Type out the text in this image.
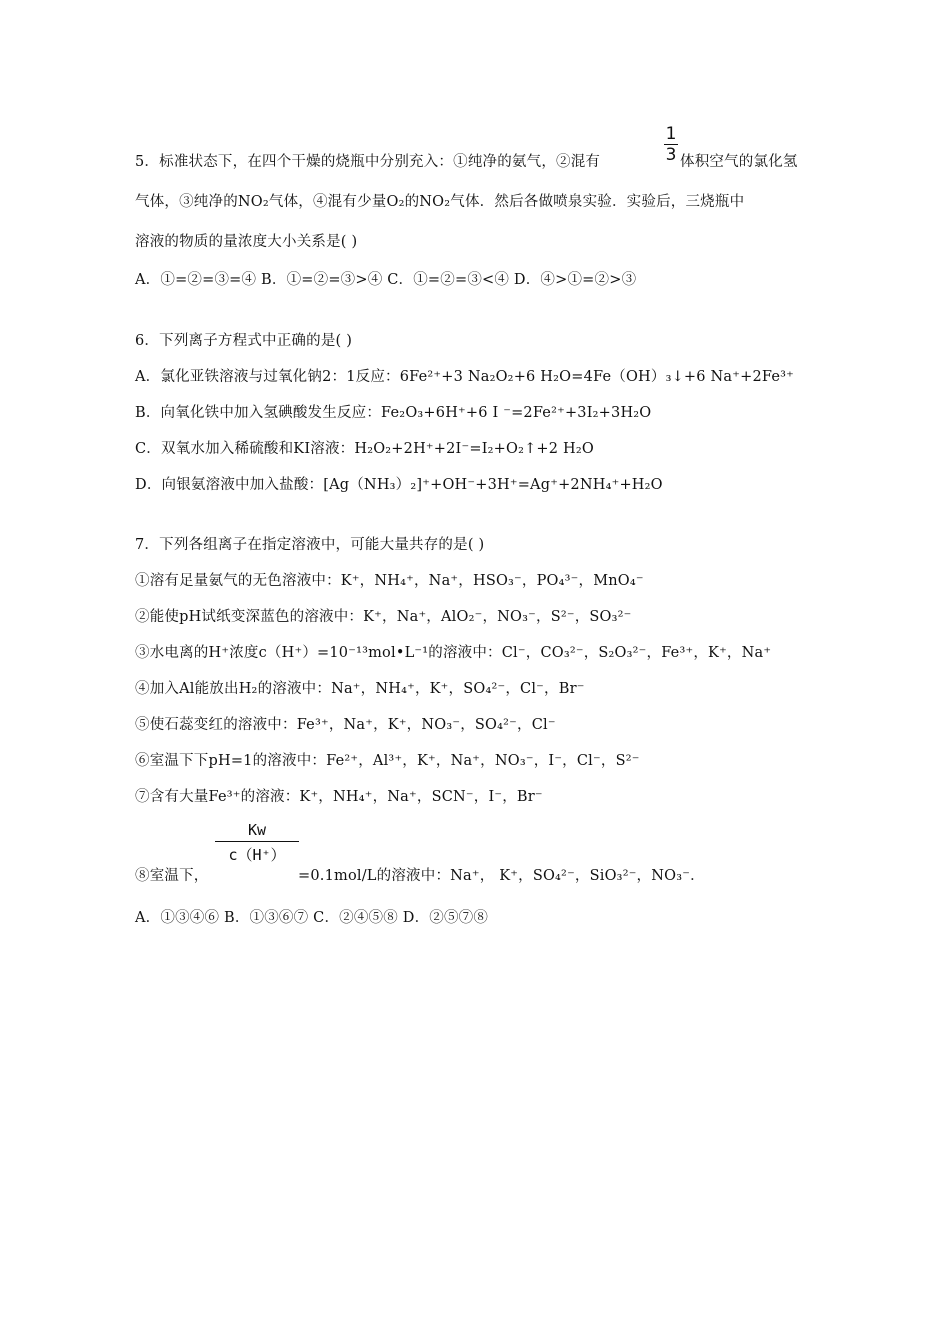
5．标准状态下，在四个干燥的烧瓶中分别充入：①纯净的氨气，②混有
1
3 体积空气的氯化氢
气体，③纯净的NO₂气体，④混有少量O₂的NO₂气体．然后各做喷泉实验．实验后，三烧瓶中
溶液的物质的量浓度大小关系是( )
A．①=②=③=④ B．①=②=③>④ C．①=②=③<④ D．④>①=②>③
6．下列离子方程式中正确的是( )
A．氯化亚铁溶液与过氧化钠2：1反应：6Fe²⁺+3 Na₂O₂+6 H₂O=4Fe（OH）₃↓+6 Na⁺+2Fe³⁺
B．向氧化铁中加入氢碘酸发生反应：Fe₂O₃+6H⁺+6 I ⁻=2Fe²⁺+3I₂+3H₂O
C．双氧水加入稀硫酸和KI溶液：H₂O₂+2H⁺+2I⁻=I₂+O₂↑+2 H₂O
D．向银氨溶液中加入盐酸：[Ag（NH₃）₂]⁺+OH⁻+3H⁺=Ag⁺+2NH₄⁺+H₂O
7．下列各组离子在指定溶液中，可能大量共存的是( )
①溶有足量氨气的无色溶液中：K⁺，NH₄⁺，Na⁺，HSO₃⁻，PO₄³⁻，MnO₄⁻
②能使pH试纸变深蓝色的溶液中：K⁺，Na⁺，AlO₂⁻，NO₃⁻，S²⁻，SO₃²⁻
③水电离的H⁺浓度c（H⁺）=10⁻¹³mol•L⁻¹的溶液中：Cl⁻，CO₃²⁻，S₂O₃²⁻，Fe³⁺，K⁺，Na⁺
④加入Al能放出H₂的溶液中：Na⁺，NH₄⁺，K⁺，SO₄²⁻，Cl⁻，Br⁻
⑤使石蕊变红的溶液中：Fe³⁺，Na⁺，K⁺，NO₃⁻，SO₄²⁻，Cl⁻
⑥室温下下pH=1的溶液中：Fe²⁺，Al³⁺，K⁺，Na⁺，NO₃⁻，I⁻，Cl⁻，S²⁻
⑦含有大量Fe³⁺的溶液：K⁺，NH₄⁺，Na⁺，SCN⁻，I⁻，Br⁻
Kw
c（H⁺）
⑧室温下，	=0.1mol/L的溶液中：Na⁺， K⁺，SO₄²⁻，SiO₃²⁻，NO₃⁻．
A．①③④⑥ B．①③⑥⑦ C．②④⑤⑧ D．②⑤⑦⑧
